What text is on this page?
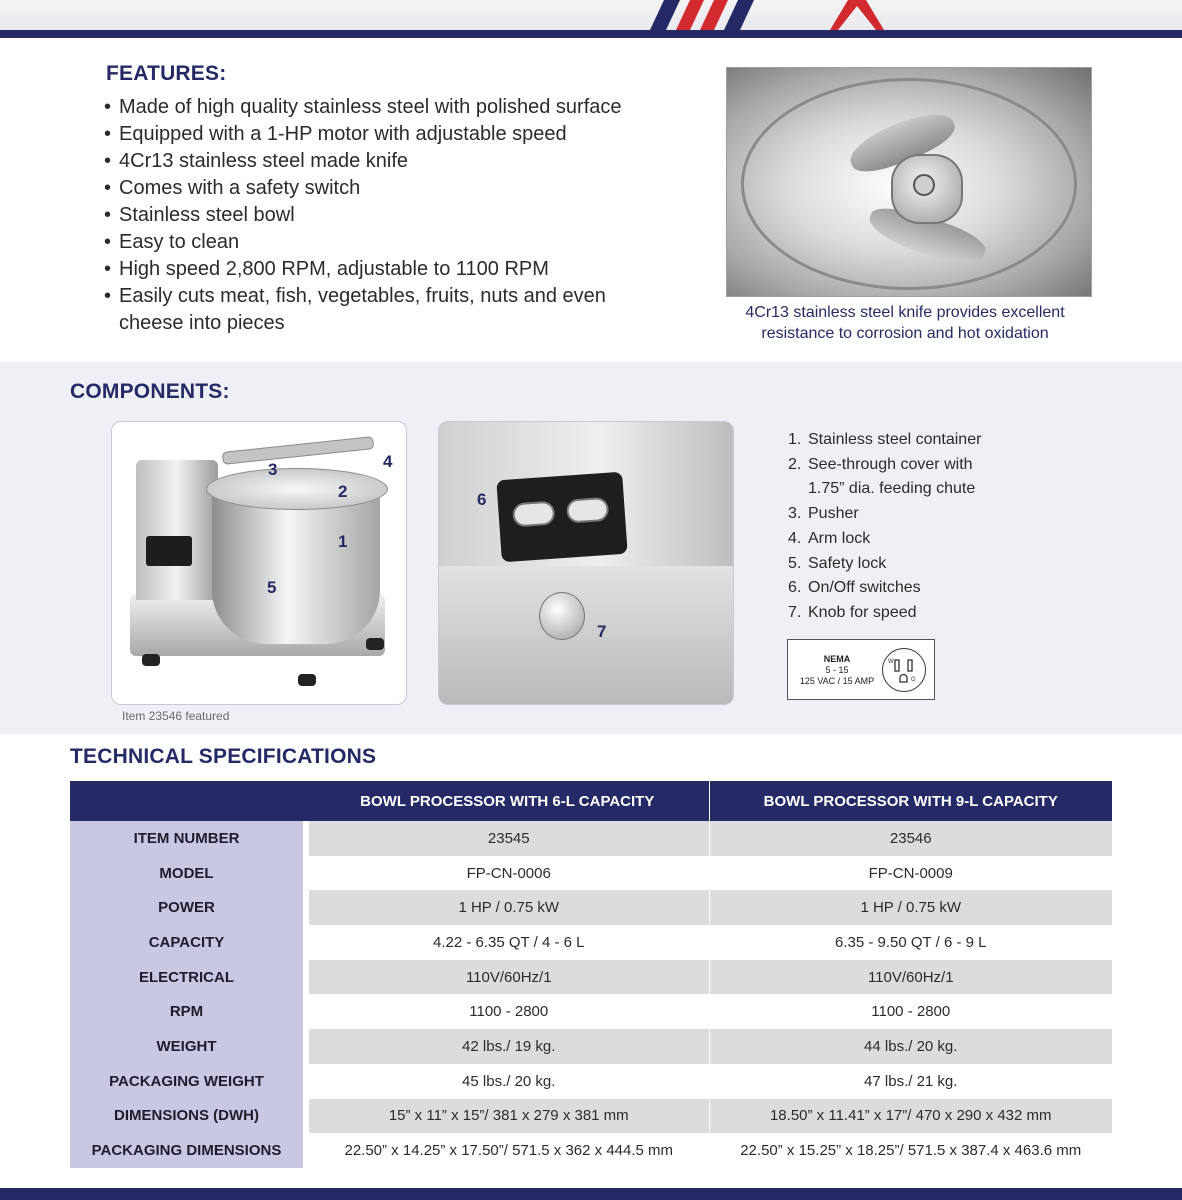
FEATURES:
• Made of high quality stainless steel with polished surface
• Equipped with a 1-HP motor with adjustable speed
• 4Cr13 stainless steel made knife
• Comes with a safety switch
• Stainless steel bowl
• Easy to clean
• High speed 2,800 RPM, adjustable to 1100 RPM
• Easily cuts meat, fish, vegetables, fruits, nuts and even cheese into pieces	4Cr13 stainless steel knife provides excellent resistance to corrosion and hot oxidation

COMPONENTS:
1
2
3	4
5
6
7

Item 23546 featured

1. Stainless steel container
2. See-through cover with
1.75” dia. feeding chute
3. Pusher
4. Arm lock
5. Safety lock
6. On/Off switches
7. Knob for speed
NEMA
5 - 15
125 VAC / 15 AMP
W
G
TECHNICAL SPECIFICATIONS
	BOWL PROCESSOR WITH 6-L CAPACITY	BOWL PROCESSOR WITH 9-L CAPACITY
ITEM NUMBER	23545	23546
MODEL	FP-CN-0006	FP-CN-0009
POWER	1 HP / 0.75 kW	1 HP / 0.75 kW
CAPACITY	4.22 - 6.35 QT / 4 - 6 L	6.35 - 9.50 QT / 6 - 9 L
ELECTRICAL	110V/60Hz/1	110V/60Hz/1
RPM	1100 - 2800	1100 - 2800
WEIGHT	42 lbs./ 19 kg.	44 lbs./ 20 kg.
PACKAGING WEIGHT	45 lbs./ 20 kg.	47 lbs./ 21 kg.
DIMENSIONS (DWH)	15” x 11” x 15”/ 381 x 279 x 381 mm	18.50” x 11.41” x 17”/ 470 x 290 x 432 mm
PACKAGING DIMENSIONS	22.50” x 14.25” x 17.50”/ 571.5 x 362 x 444.5 mm	22.50” x 15.25” x 18.25”/ 571.5 x 387.4 x 463.6 mm
